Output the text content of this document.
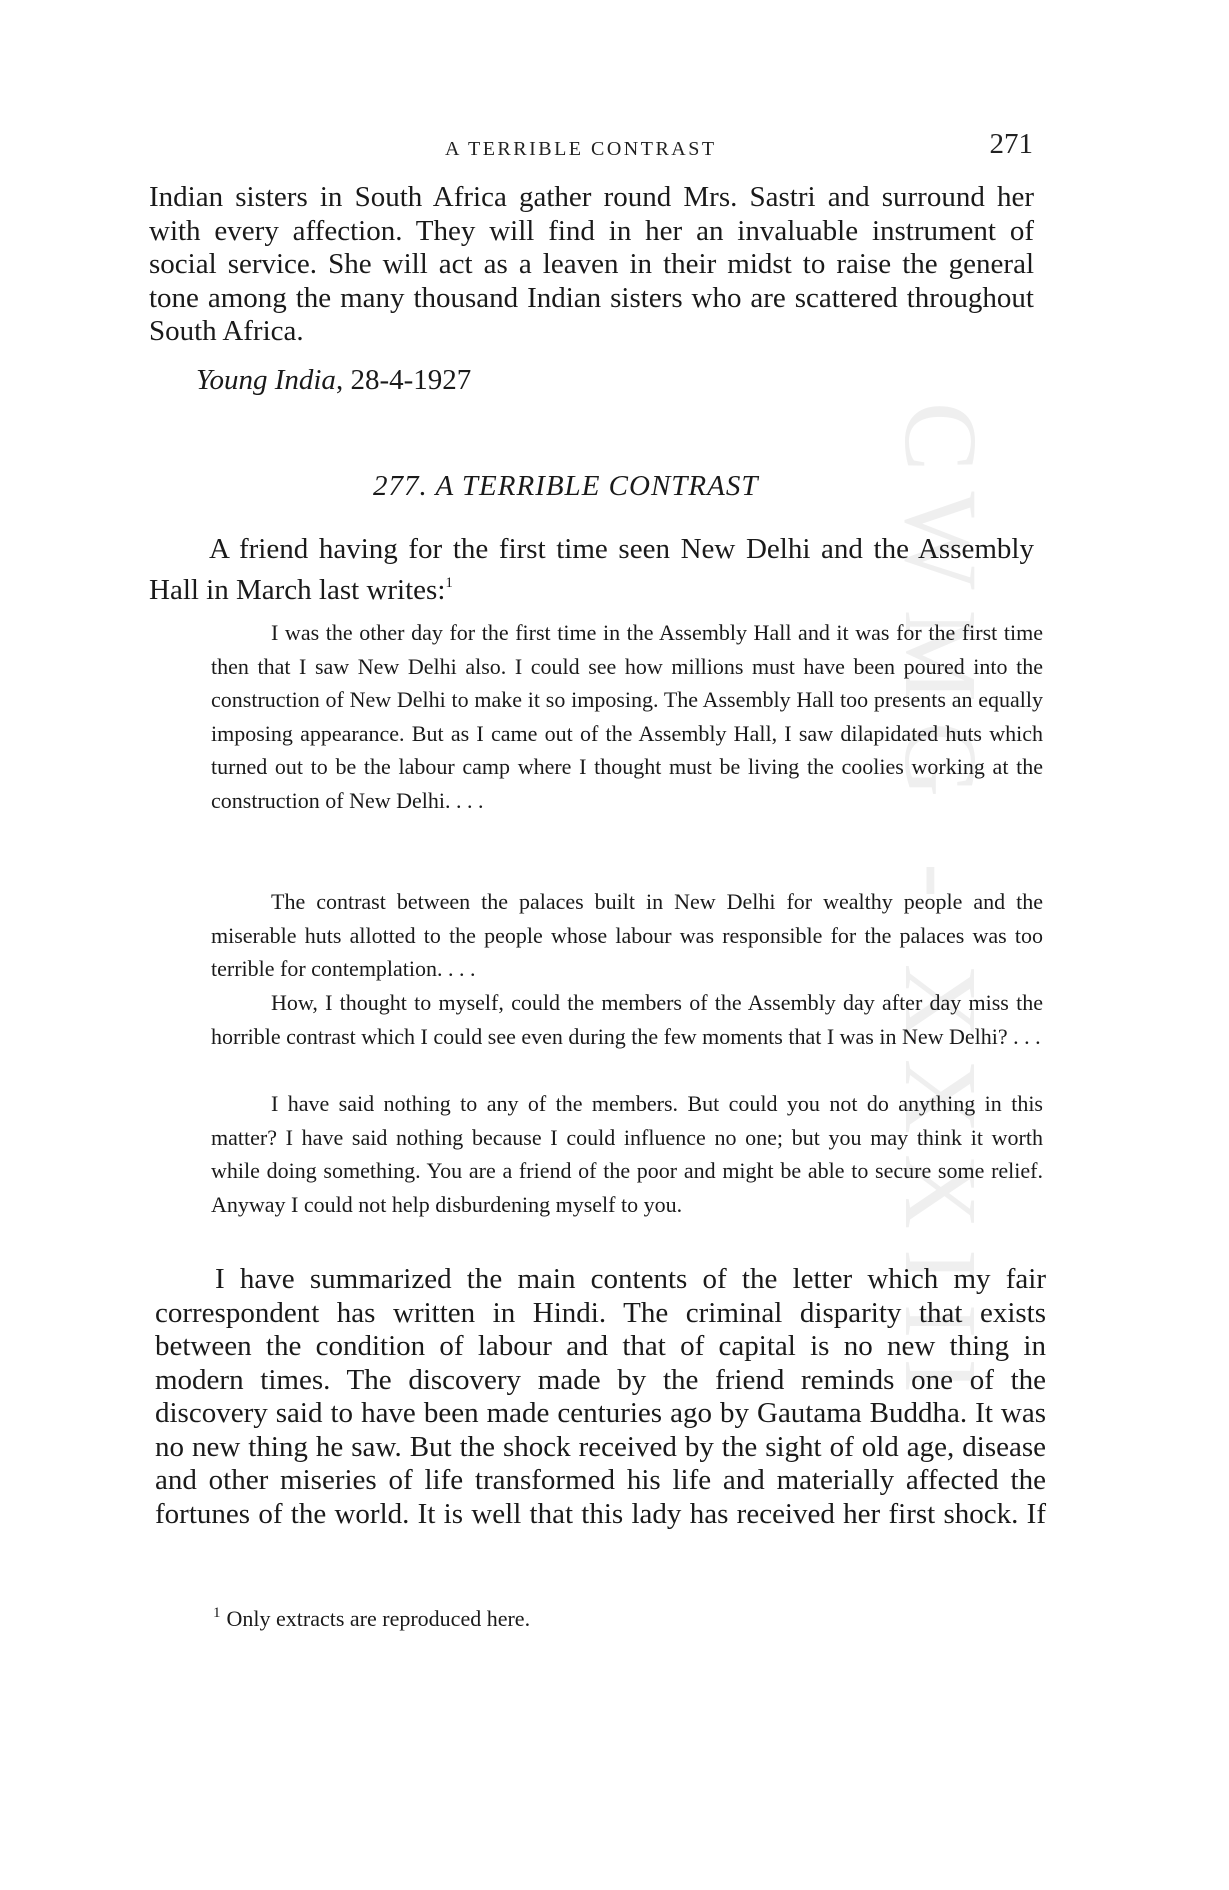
CWMG - XXXIII
A TERRIBLE CONTRAST	271
Indian sisters in South Africa gather round Mrs. Sastri and surround her with every affection. They will find in her an invaluable instrument of social service. She will act as a leaven in their midst to raise the general tone among the many thousand Indian sisters who are scattered throughout South Africa.
Young India, 28-4-1927
277. A TERRIBLE CONTRAST
A friend having for the first time seen New Delhi and the Assembly Hall in March last writes:$^1$

I was the other day for the first time in the Assembly Hall and it was for the first time then that I saw New Delhi also. I could see how millions must have been poured into the construction of New Delhi to make it so imposing. The Assembly Hall too presents an equally imposing appearance. But as I came out of the Assembly Hall, I saw dilapidated huts which turned out to be the labour camp where I thought must be living the coolies working at the construction of New Delhi. . . .

The contrast between the palaces built in New Delhi for wealthy people and the miserable huts allotted to the people whose labour was responsible for the palaces was too terrible for contemplation. . . .

How, I thought to myself, could the members of the Assembly day after day miss the horrible contrast which I could see even during the few moments that I was in New Delhi? . . .

I have said nothing to any of the members. But could you not do anything in this matter? I have said nothing because I could influence no one; but you may think it worth while doing something. You are a friend of the poor and might be able to secure some relief. Anyway I could not help disburdening myself to you.

I have summarized the main contents of the letter which my fair correspondent has written in Hindi. The criminal disparity that exists between the condition of labour and that of capital is no new thing in modern times. The discovery made by the friend reminds one of the discovery said to have been made centuries ago by Gautama Buddha. It was no new thing he saw. But the shock received by the sight of old age, disease and other miseries of life transformed his life and materially affected the fortunes of the world. It is well that this lady has received her first shock. If
$^1$ Only extracts are reproduced here.
